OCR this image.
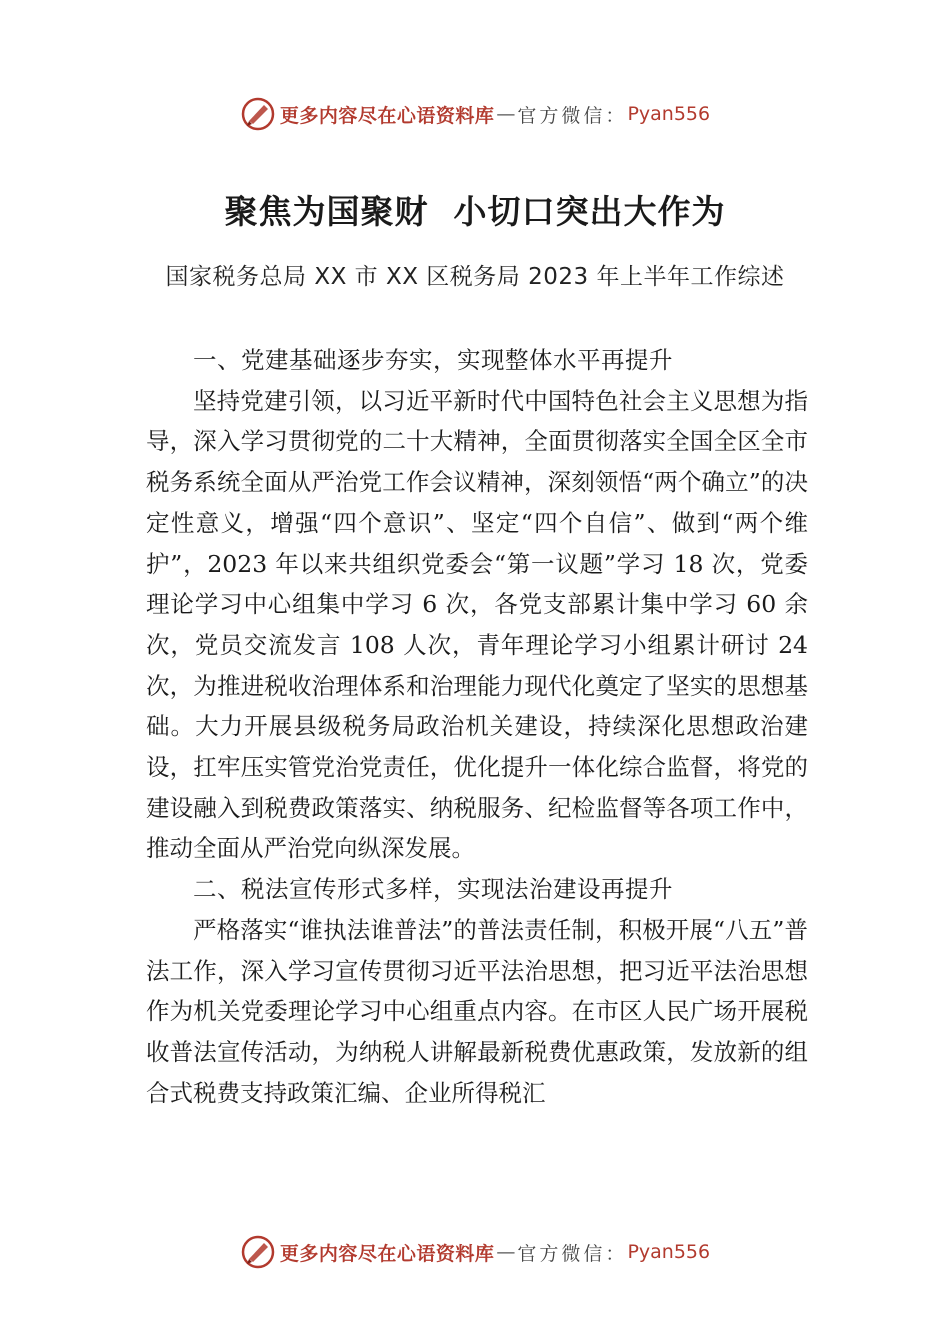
更多内容尽在心语资料库 — 官方微信： Pyan556
聚焦为国聚财  小切口突出大作为
国家税务总局 XX 市 XX 区税务局 2023 年上半年工作综述

一、党建基础逐步夯实，实现整体水平再提升

坚持党建引领，以习近平新时代中国特色社会主义思想为指导，深入学习贯彻党的二十大精神，全面贯彻落实全国全区全市税务系统全面从严治党工作会议精神，深刻领悟“两个确立”的决定性意义，增强“四个意识”、坚定“四个自信”、做到“两个维护”，2023 年以来共组织党委会“第一议题”学习 18 次，党委理论学习中心组集中学习 6 次，各党支部累计集中学习 60 余次，党员交流发言 108 人次，青年理论学习小组累计研讨 24 次，为推进税收治理体系和治理能力现代化奠定了坚实的思想基础。大力开展县级税务局政治机关建设，持续深化思想政治建设，扛牢压实管党治党责任，优化提升一体化综合监督，将党的建设融入到税费政策落实、纳税服务、纪检监督等各项工作中，推动全面从严治党向纵深发展。

二、税法宣传形式多样，实现法治建设再提升

严格落实“谁执法谁普法”的普法责任制，积极开展“八五”普法工作，深入学习宣传贯彻习近平法治思想，把习近平法治思想作为机关党委理论学习中心组重点内容。在市区人民广场开展税收普法宣传活动，为纳税人讲解最新税费优惠政策，发放新的组合式税费支持政策汇编、企业所得税汇

更多内容尽在心语资料库 — 官方微信： Pyan556
